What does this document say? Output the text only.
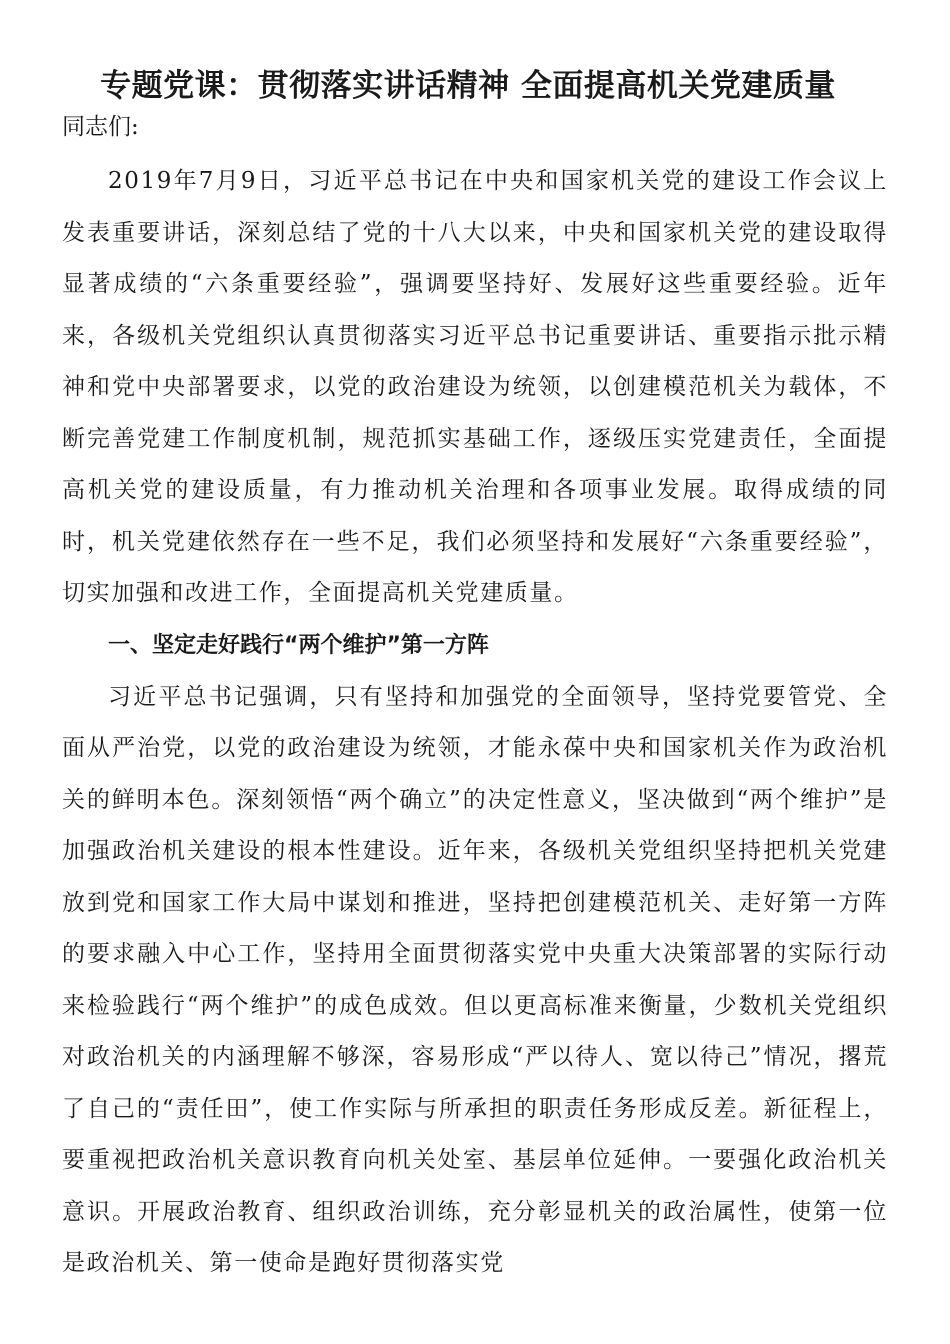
专题党课：贯彻落实讲话精神 全面提高机关党建质量

同志们:

2019年7月9日，习近平总书记在中央和国家机关党的建设工作会议上发表重要讲话，深刻总结了党的十八大以来，中央和国家机关党的建设取得显著成绩的“六条重要经验”，强调要坚持好、发展好这些重要经验。近年来，各级机关党组织认真贯彻落实习近平总书记重要讲话、重要指示批示精神和党中央部署要求，以党的政治建设为统领，以创建模范机关为载体，不断完善党建工作制度机制，规范抓实基础工作，逐级压实党建责任，全面提高机关党的建设质量，有力推动机关治理和各项事业发展。取得成绩的同时，机关党建依然存在一些不足，我们必须坚持和发展好“六条重要经验”，切实加强和改进工作，全面提高机关党建质量。

一、坚定走好践行“两个维护”第一方阵

习近平总书记强调，只有坚持和加强党的全面领导，坚持党要管党、全面从严治党，以党的政治建设为统领，才能永葆中央和国家机关作为政治机关的鲜明本色。深刻领悟“两个确立”的决定性意义，坚决做到“两个维护”是加强政治机关建设的根本性建设。近年来，各级机关党组织坚持把机关党建放到党和国家工作大局中谋划和推进，坚持把创建模范机关、走好第一方阵的要求融入中心工作，坚持用全面贯彻落实党中央重大决策部署的实际行动来检验践行“两个维护”的成色成效。但以更高标准来衡量，少数机关党组织对政治机关的内涵理解不够深，容易形成“严以待人、宽以待己”情况，撂荒了自己的“责任田”，使工作实际与所承担的职责任务形成反差。新征程上，要重视把政治机关意识教育向机关处室、基层单位延伸。一要强化政治机关意识。开展政治教育、组织政治训练，充分彰显机关的政治属性，使第一位是政治机关、第一使命是跑好贯彻落实党
